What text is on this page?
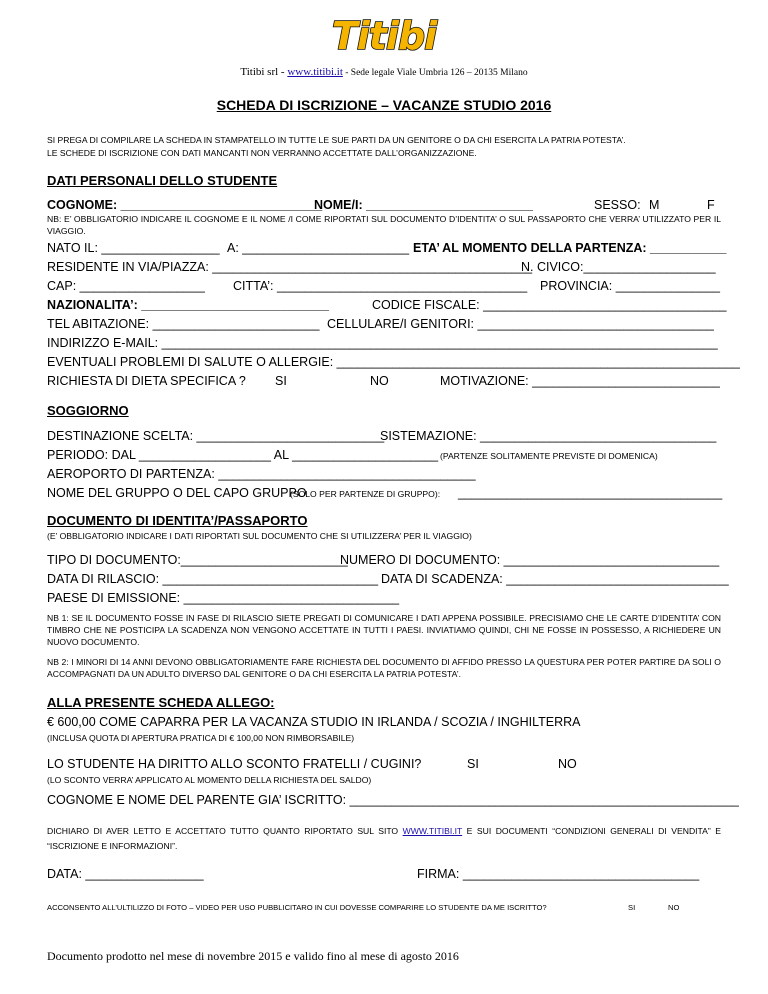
Titibi
Titibi srl - www.titibi.it - Sede legale Viale Umbria 126 – 20135 Milano
SCHEDA DI ISCRIZIONE – VACANZE STUDIO 2016
SI PREGA DI COMPILARE LA SCHEDA IN STAMPATELLO IN TUTTE LE SUE PARTI DA UN GENITORE O DA CHI ESERCITA LA PATRIA POTESTA’.
LE SCHEDE DI ISCRIZIONE CON DATI MANCANTI NON VERRANNO ACCETTATE DALL’ORGANIZZAZIONE.
DATI PERSONALI DELLO STUDENTE
COGNOME: _____________________________
NOME/I: ________________________	SESSO: M	F
NB: E’ OBBLIGATORIO INDICARE IL COGNOME E IL NOME /I COME RIPORTATI SUL DOCUMENTO D’IDENTITA’ O SUL PASSAPORTO CHE VERRA’ UTILIZZATO PER IL VIAGGIO.
NATO IL: _________________ A: ________________________ ETA’ AL MOMENTO DELLA PARTENZA: ___________
RESIDENTE IN VIA/PIAZZA: ______________________________________________
N. CIVICO:___________________
CAP: __________________ CITTA’: ____________________________________ PROVINCIA: _______________
NAZIONALITA’: ___________________________	CODICE FISCALE: ___________________________________
TEL ABITAZIONE: ________________________ CELLULARE/I GENITORI: __________________________________
INDIRIZZO E-MAIL: ________________________________________________________________________________
EVENTUALI PROBLEMI DI SALUTE O ALLERGIE: __________________________________________________________
RICHIESTA DI DIETA SPECIFICA ? SI	NO	MOTIVAZIONE: ___________________________
SOGGIORNO
DESTINAZIONE SCELTA: ___________________________
SISTEMAZIONE: __________________________________
PERIODO: DAL ___________________ AL _____________________ (PARTENZE SOLITAMENTE PREVISTE DI DOMENICA)
AEROPORTO DI PARTENZA: _____________________________________
NOME DEL GRUPPO O DEL CAPO GRUPPO
(SOLO PER PARTENZE DI GRUPPO): ______________________________________
DOCUMENTO DI IDENTITA’/PASSAPORTO
(E’ OBBLIGATORIO INDICARE I DATI RIPORTATI SUL DOCUMENTO CHE SI UTILIZZERA’ PER IL VIAGGIO)
TIPO DI DOCUMENTO:________________________
NUMERO DI DOCUMENTO: _______________________________
DATA DI RILASCIO: _______________________________ DATA DI SCADENZA: ________________________________
PAESE DI EMISSIONE: _______________________________
NB 1: SE IL DOCUMENTO FOSSE IN FASE DI RILASCIO SIETE PREGATI DI COMUNICARE I DATI APPENA POSSIBILE. PRECISIAMO CHE LE CARTE D’IDENTITA’ CON TIMBRO CHE NE POSTICIPA LA SCADENZA NON VENGONO ACCETTATE IN TUTTI I PAESI. INVIATIAMO QUINDI, CHI NE FOSSE IN POSSESSO, A RICHIEDERE UN NUOVO DOCUMENTO.
NB 2: I MINORI DI 14 ANNI DEVONO OBBLIGATORIAMENTE FARE RICHIESTA DEL DOCUMENTO DI AFFIDO PRESSO LA QUESTURA PER POTER PARTIRE DA SOLI O ACCOMPAGNATI DA UN ADULTO DIVERSO DAL GENITORE O DA CHI ESERCITA LA PATRIA POTESTA’.
ALLA PRESENTE SCHEDA ALLEGO:
€ 600,00 COME CAPARRA PER LA VACANZA STUDIO IN IRLANDA / SCOZIA / INGHILTERRA
(INCLUSA QUOTA DI APERTURA PRATICA DI € 100,00 NON RIMBORSABILE)
LO STUDENTE HA DIRITTO ALLO SCONTO FRATELLI / CUGINI?	SI	NO
(LO SCONTO VERRA’ APPLICATO AL MOMENTO DELLA RICHIESTA DEL SALDO)
COGNOME E NOME DEL PARENTE GIA’ ISCRITTO: ________________________________________________________
DICHIARO DI AVER LETTO E ACCETTATO TUTTO QUANTO RIPORTATO SUL SITO WWW.TITIBI.IT E SUI DOCUMENTI “CONDIZIONI GENERALI DI VENDITA” E “ISCRIZIONE E INFORMAZIONI”.
DATA: _________________	FIRMA: __________________________________
ACCONSENTO ALL’ULTILIZZO DI FOTO – VIDEO PER USO PUBBLICITARO IN CUI DOVESSE COMPARIRE LO STUDENTE DA ME ISCRITTO?	SI	NO
Documento prodotto nel mese di novembre 2015 e valido fino al mese di agosto 2016
